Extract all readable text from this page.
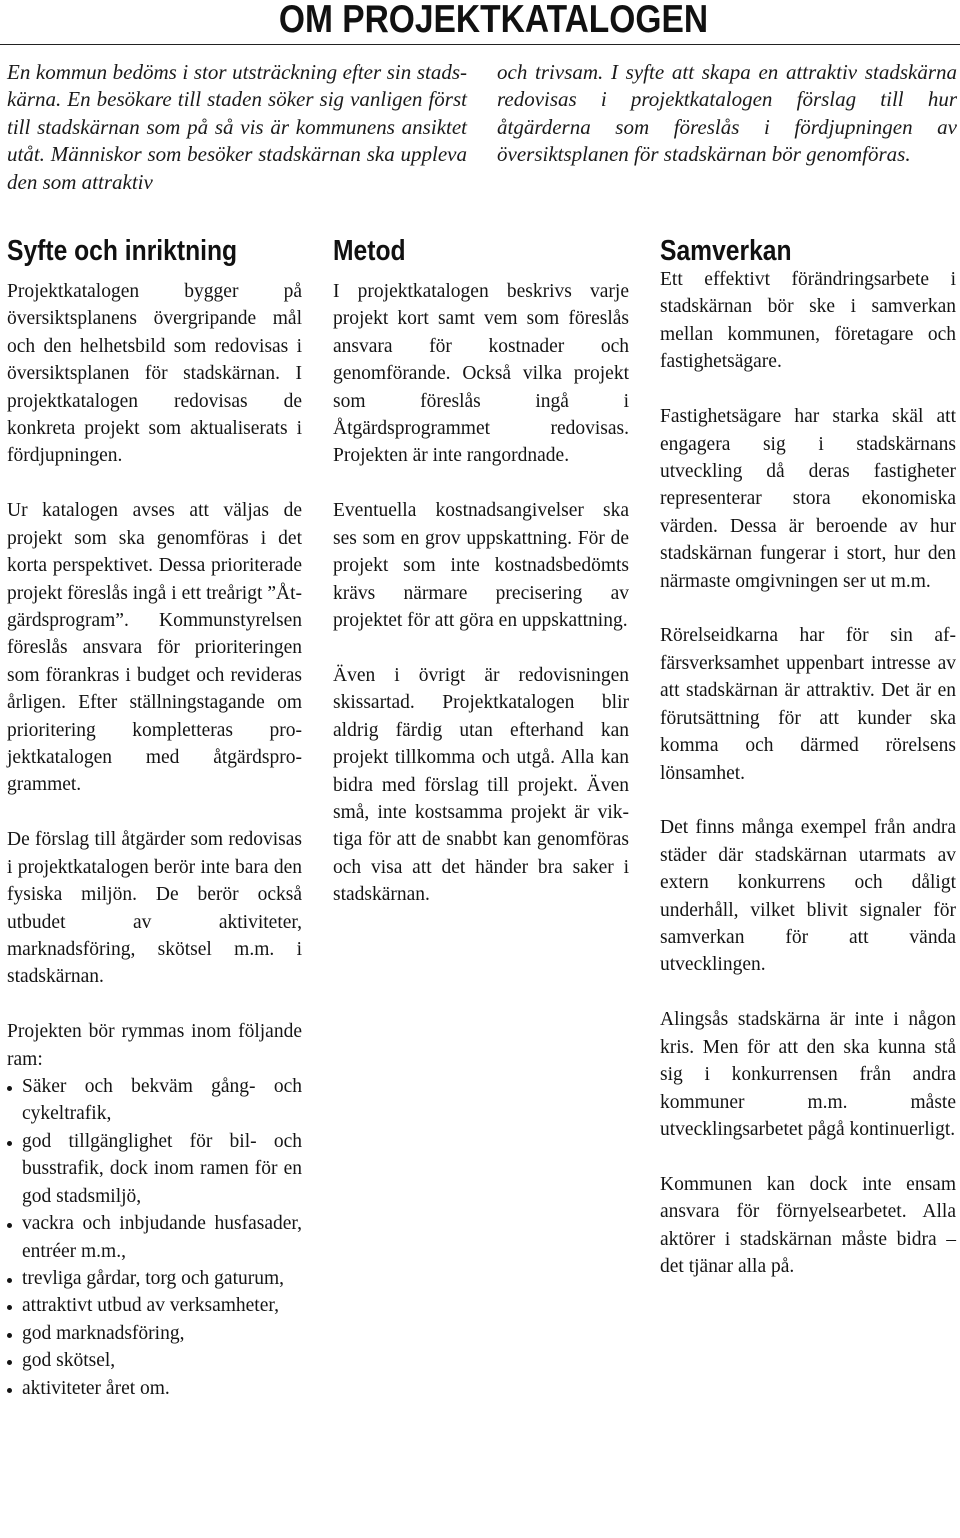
OM PROJEKTKATALOGEN
En kommun bedöms i stor utsträckning efter sin stadskärna. En besökare till staden söker sig vanligen först till stadskärnan som på så vis är kommunens ansiktet utåt. Människor som besöker stadskärnan ska uppleva den som attraktiv
och trivsam. I syfte att skapa en attraktiv stadskärna redovisas i projektkatalogen förslag till hur åtgärderna som föreslås i fördjupningen av översiktsplanen för stadskärnan bör genomföras.
Syfte och inriktning

Projektkatalogen bygger på översiktsplanens övergripande mål och den helhetsbild som redovisas i översiktsplanen för stadskärnan. I projektkatalogen redovisas de konkreta projekt som aktualiserats i fördjupningen.

Ur katalogen avses att väljas de projekt som ska genomföras i det korta perspektivet. Dessa prioriterade projekt föreslås ingå i ett treårigt ”Åtgärdsprogram”. Kommunstyrelsen föreslås ansvara för prioriteringen som förankras i budget och revideras årligen. Efter ställningstagande om prioritering kompletteras projektkatalogen med åtgärdsprogrammet.

De förslag till åtgärder som redovisas i projektkatalogen berör inte bara den fysiska miljön. De berör också utbudet av aktiviteter, marknadsföring, skötsel m.m. i stadskärnan.

Projekten bör rymmas inom följande ram:

Säker och bekväm gång- och cykeltrafik,
god tillgänglighet för bil- och busstrafik, dock inom ramen för en god stadsmiljö,
vackra och inbjudande husfasader, entréer m.m.,
trevliga gårdar, torg och gaturum,
attraktivt utbud av verksamheter,
god marknadsföring,
god skötsel,
aktiviteter året om.
Metod

I projektkatalogen beskrivs varje projekt kort samt vem som föreslås ansvara för kostnader och genomförande. Också vilka projekt som föreslås ingå i Åtgärdsprogrammet redovisas. Projekten är inte rangordnade.

Eventuella kostnadsangivelser ska ses som en grov uppskattning. För de projekt som inte kostnadsbedömts krävs närmare precisering av projektet för att göra en uppskattning.

Även i övrigt är redovisningen skissartad. Projektkatalogen blir aldrig färdig utan efterhand kan projekt tillkomma och utgå. Alla kan bidra med förslag till projekt. Även små, inte kostsamma projekt är viktiga för att de snabbt kan genomföras och visa att det händer bra saker i stadskärnan.

Samverkan

Ett effektivt förändringsarbete i stadskärnan bör ske i samverkan mellan kommunen, företagare och fastighetsägare.

Fastighetsägare har starka skäl att engagera sig i stadskärnans utveckling då deras fastigheter representerar stora ekonomiska värden. Dessa är beroende av hur stadskärnan fungerar i stort, hur den närmaste omgivningen ser ut m.m.

Rörelseidkarna har för sin affärsverksamhet uppenbart intresse av att stadskärnan är attraktiv. Det är en förutsättning för att kunder ska komma och därmed rörelsens lönsamhet.

Det finns många exempel från andra städer där stadskärnan utarmats av extern konkurrens och dåligt underhåll, vilket blivit signaler för samverkan för att vända utvecklingen.

Alingsås stadskärna är inte i någon kris. Men för att den ska kunna stå sig i konkurrensen från andra kommuner m.m. måste utvecklingsarbetet pågå kontinuerligt.

Kommunen kan dock inte ensam ansvara för förnyelsearbetet. Alla aktörer i stadskärnan måste bidra – det tjänar alla på.
